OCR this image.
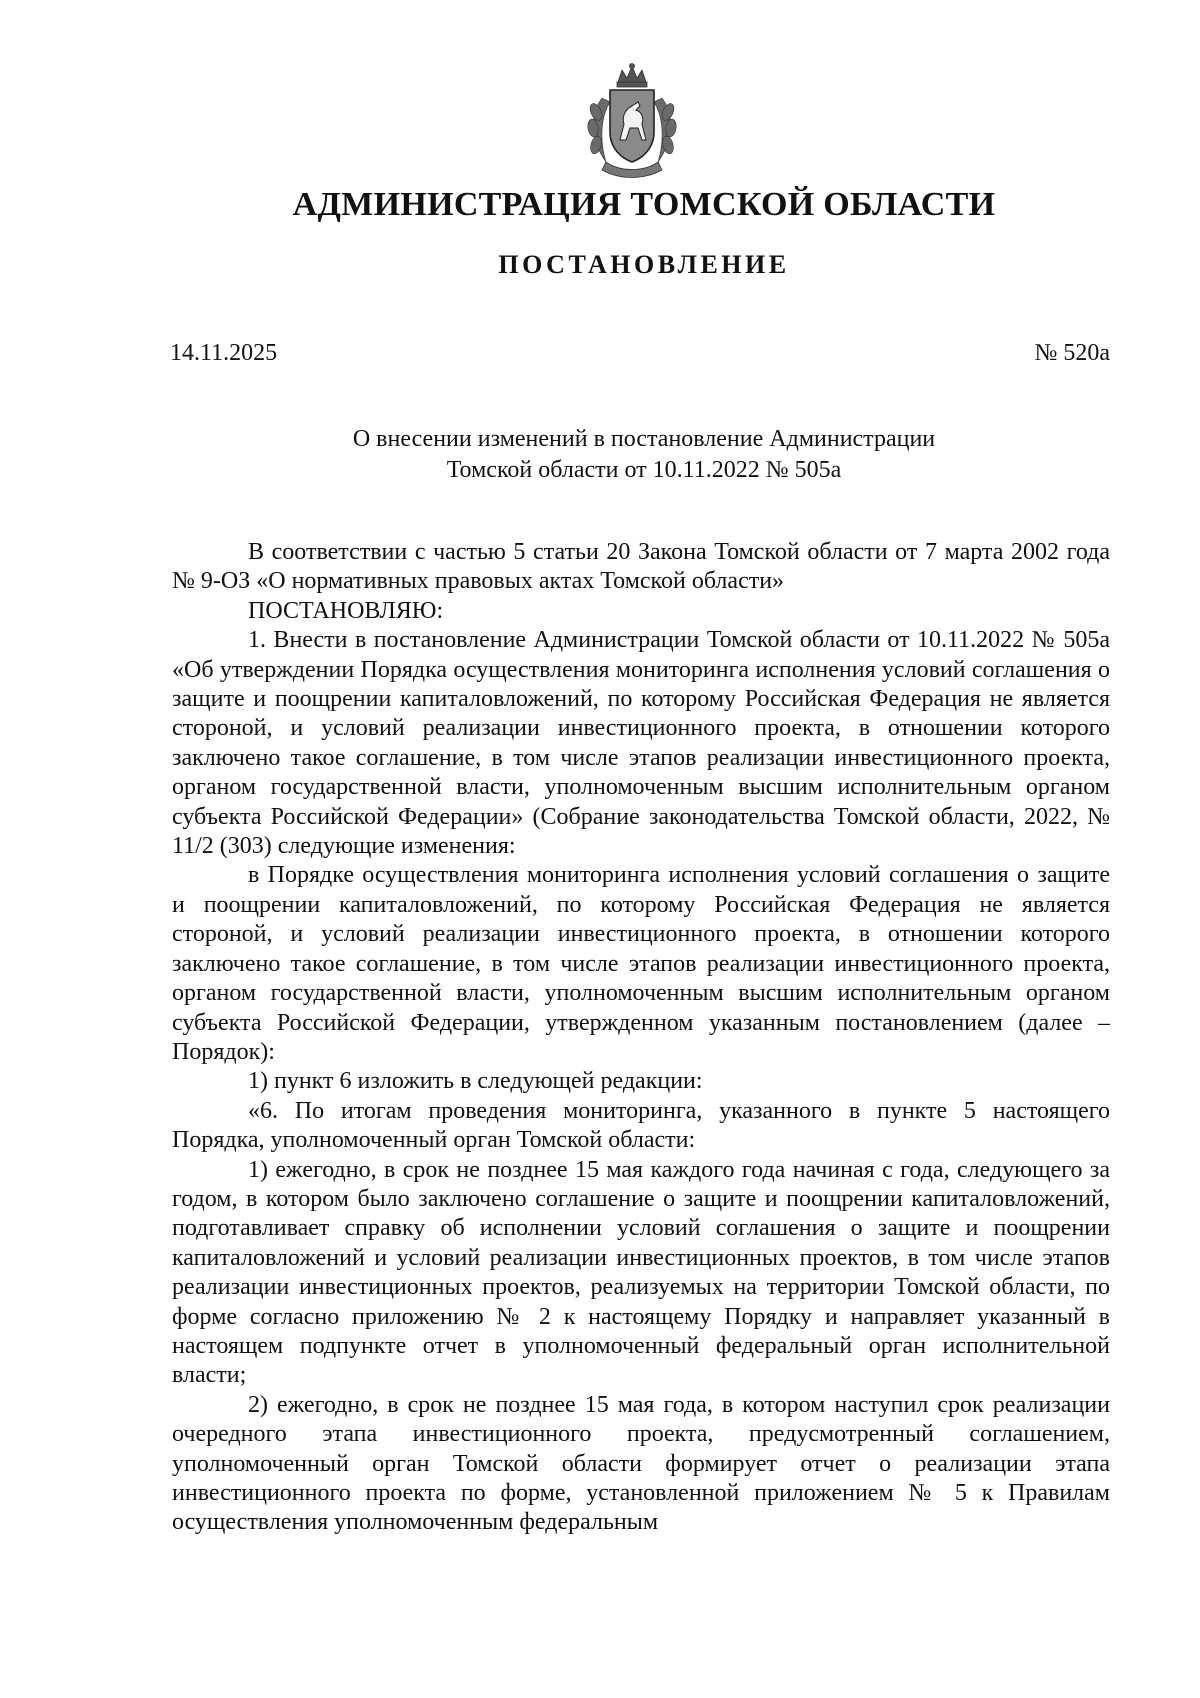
АДМИНИСТРАЦИЯ ТОМСКОЙ ОБЛАСТИ
ПОСТАНОВЛЕНИЕ
14.11.2025	№ 520а
О внесении изменений в постановление Администрации
Томской области от 10.11.2022 № 505а

В соответствии с частью 5 статьи 20 Закона Томской области от 7 марта 2002 года № 9-ОЗ «О нормативных правовых актах Томской области»

ПОСТАНОВЛЯЮ:

1. Внести в постановление Администрации Томской области от 10.11.2022 № 505а «Об утверждении Порядка осуществления мониторинга исполнения условий соглашения о защите и поощрении капиталовложений, по которому Российская Федерация не является стороной, и условий реализации инвестиционного проекта, в отношении которого заключено такое соглашение, в том числе этапов реализации инвестиционного проекта, органом государственной власти, уполномоченным высшим исполнительным органом субъекта Российской Федерации» (Собрание законодательства Томской области, 2022, № 11/2 (303) следующие изменения:

в Порядке осуществления мониторинга исполнения условий соглашения о защите и поощрении капиталовложений, по которому Российская Федерация не является стороной, и условий реализации инвестиционного проекта, в отношении которого заключено такое соглашение, в том числе этапов реализации инвестиционного проекта, органом государственной власти, уполномоченным высшим исполнительным органом субъекта Российской Федерации, утвержденном указанным постановлением (далее – Порядок):

1) пункт 6 изложить в следующей редакции:

«6. По итогам проведения мониторинга, указанного в пункте 5 настоящего Порядка, уполномоченный орган Томской области:

1) ежегодно, в срок не позднее 15 мая каждого года начиная с года, следующего за годом, в котором было заключено соглашение о защите и поощрении капиталовложений, подготавливает справку об исполнении условий соглашения о защите и поощрении капиталовложений и условий реализации инвестиционных проектов, в том числе этапов реализации инвестиционных проектов, реализуемых на территории Томской области, по форме согласно приложению № 2 к настоящему Порядку и направляет указанный в настоящем подпункте отчет в уполномоченный федеральный орган исполнительной власти;

2) ежегодно, в срок не позднее 15 мая года, в котором наступил срок реализации очередного этапа инвестиционного проекта, предусмотренный соглашением, уполномоченный орган Томской области формирует отчет о реализации этапа инвестиционного проекта по форме, установленной приложением № 5 к Правилам осуществления уполномоченным федеральным
